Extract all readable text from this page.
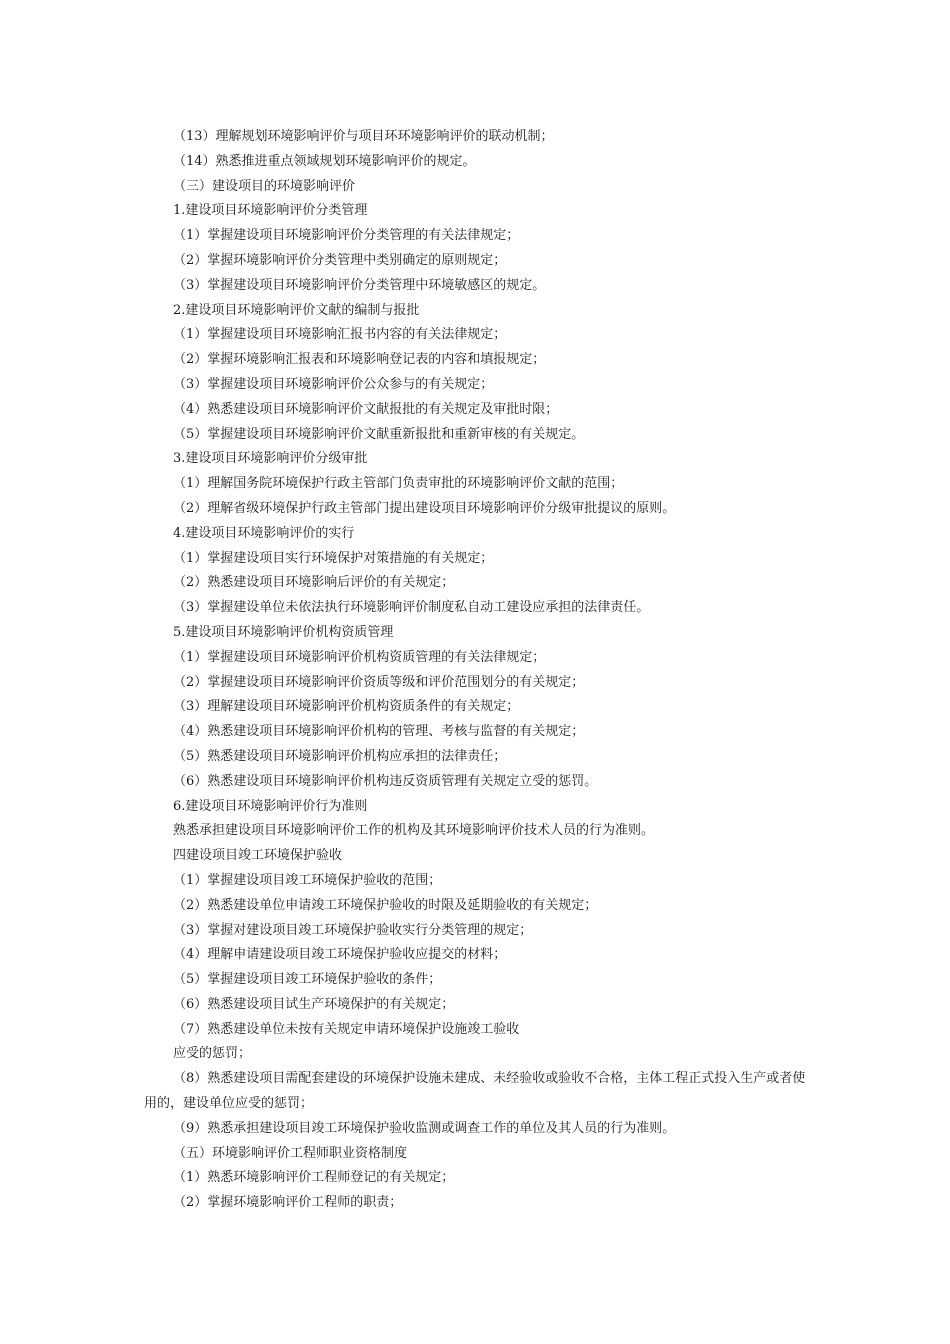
（13）理解规划环境影响评价与项目环环境影响评价的联动机制；
（14）熟悉推进重点领域规划环境影响评价的规定。
（三）建设项目的环境影响评价
1.建设项目环境影响评价分类管理
（1）掌握建设项目环境影响评价分类管理的有关法律规定；
（2）掌握环境影响评价分类管理中类别确定的原则规定；
（3）掌握建设项目环境影响评价分类管理中环境敏感区的规定。
2.建设项目环境影响评价文献的编制与报批
（1）掌握建设项目环境影响汇报书内容的有关法律规定；
（2）掌握环境影响汇报表和环境影响登记表的内容和填报规定；
（3）掌握建设项目环境影响评价公众参与的有关规定；
（4）熟悉建设项目环境影响评价文献报批的有关规定及审批时限；
（5）掌握建设项目环境影响评价文献重新报批和重新审核的有关规定。
3.建设项目环境影响评价分级审批
（1）理解国务院环境保护行政主管部门负责审批的环境影响评价文献的范围；
（2）理解省级环境保护行政主管部门提出建设项目环境影响评价分级审批提议的原则。
4.建设项目环境影响评价的实行
（1）掌握建设项目实行环境保护对策措施的有关规定；
（2）熟悉建设项目环境影响后评价的有关规定；
（3）掌握建设单位未依法执行环境影响评价制度私自动工建设应承担的法律责任。
5.建设项目环境影响评价机构资质管理
（1）掌握建设项目环境影响评价机构资质管理的有关法律规定；
（2）掌握建设项目环境影响评价资质等级和评价范围划分的有关规定；
（3）理解建设项目环境影响评价机构资质条件的有关规定；
（4）熟悉建设项目环境影响评价机构的管理、考核与监督的有关规定；
（5）熟悉建设项目环境影响评价机构应承担的法律责任；
（6）熟悉建设项目环境影响评价机构违反资质管理有关规定立受的惩罚。
6.建设项目环境影响评价行为准则
熟悉承担建设项目环境影响评价工作的机构及其环境影响评价技术人员的行为准则。
四建设项目竣工环境保护验收
（1）掌握建设项目竣工环境保护验收的范围；
（2）熟悉建设单位申请竣工环境保护验收的时限及延期验收的有关规定；
（3）掌握对建设项目竣工环境保护验收实行分类管理的规定；
（4）理解申请建设项目竣工环境保护验收应提交的材料；
（5）掌握建设项目竣工环境保护验收的条件；
（6）熟悉建设项目试生产环境保护的有关规定；
（7）熟悉建设单位未按有关规定申请环境保护设施竣工验收
应受的惩罚；
（8）熟悉建设项目需配套建设的环境保护设施未建成、未经验收或验收不合格，主体工程正式投入生产或者使用的，建设单位应受的惩罚；
（9）熟悉承担建设项目竣工环境保护验收监测或调查工作的单位及其人员的行为准则。
（五）环境影响评价工程师职业资格制度
（1）熟悉环境影响评价工程师登记的有关规定；
（2）掌握环境影响评价工程师的职责；
